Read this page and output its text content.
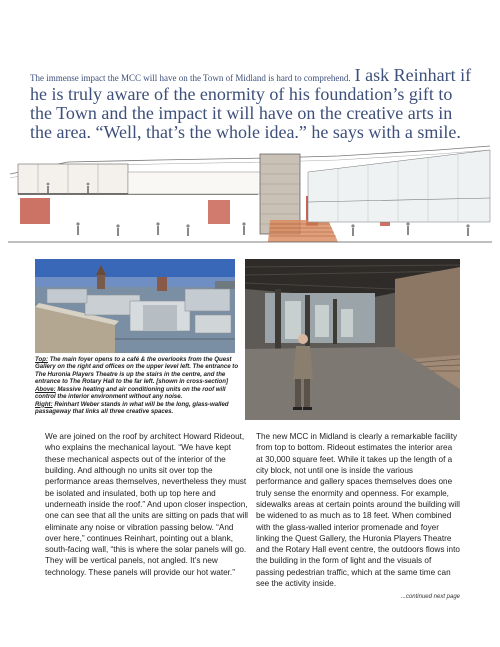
The immense impact the MCC will have on the Town of Midland is hard to comprehend. I ask Reinhart if he is truly aware of the enormity of his foundation’s gift to the Town and the impact it will have on the creative arts in the area. “Well, that’s the whole idea.” he says with a smile.
Top: The main foyer opens to a café & the overlooks from the Quest Gallery on the right and offices on the upper level left. The entrance to The Huronia Players Theatre is up the stairs in the centre, and the entrance to The Rotary Hall to the far left. [shown in cross-section]
Above: Massive heating and air conditioning units on the roof will control the interior environment without any noise.
Right: Reinhart Weber stands in what will be the long, glass-walled passageway that links all three creative spaces.
We are joined on the roof by architect Howard Rideout, who explains the mechanical layout. “We have kept these mechanical aspects out of the interior of the building. And although no units sit over top the performance areas themselves, nevertheless they must be isolated and insulated, both up top here and underneath inside the roof.” And upon closer inspection, one can see that all the units are sitting on pads that will eliminate any noise or vibration passing below. “And over here,” continues Reinhart, pointing out a blank, south-facing wall, “this is where the solar panels will go. They will be vertical panels, not angled. It’s new technology. These panels will provide our hot water.”
The new MCC in Midland is clearly a remarkable facility from top to bottom. Rideout estimates the interior area at 30,000 square feet. While it takes up the length of a city block, not until one is inside the various performance and gallery spaces themselves does one truly sense the enormity and openness. For example, sidewalks areas at certain points around the building will be widened to as much as to 18 feet. When combined with the glass-walled interior promenade and foyer linking the Quest Gallery, the Huronia Players Theatre and the Rotary Hall event centre, the outdoors flows into the building in the form of light and the visuals of passing pedestrian traffic, which at the same time can see the activity inside.
...continued next page
